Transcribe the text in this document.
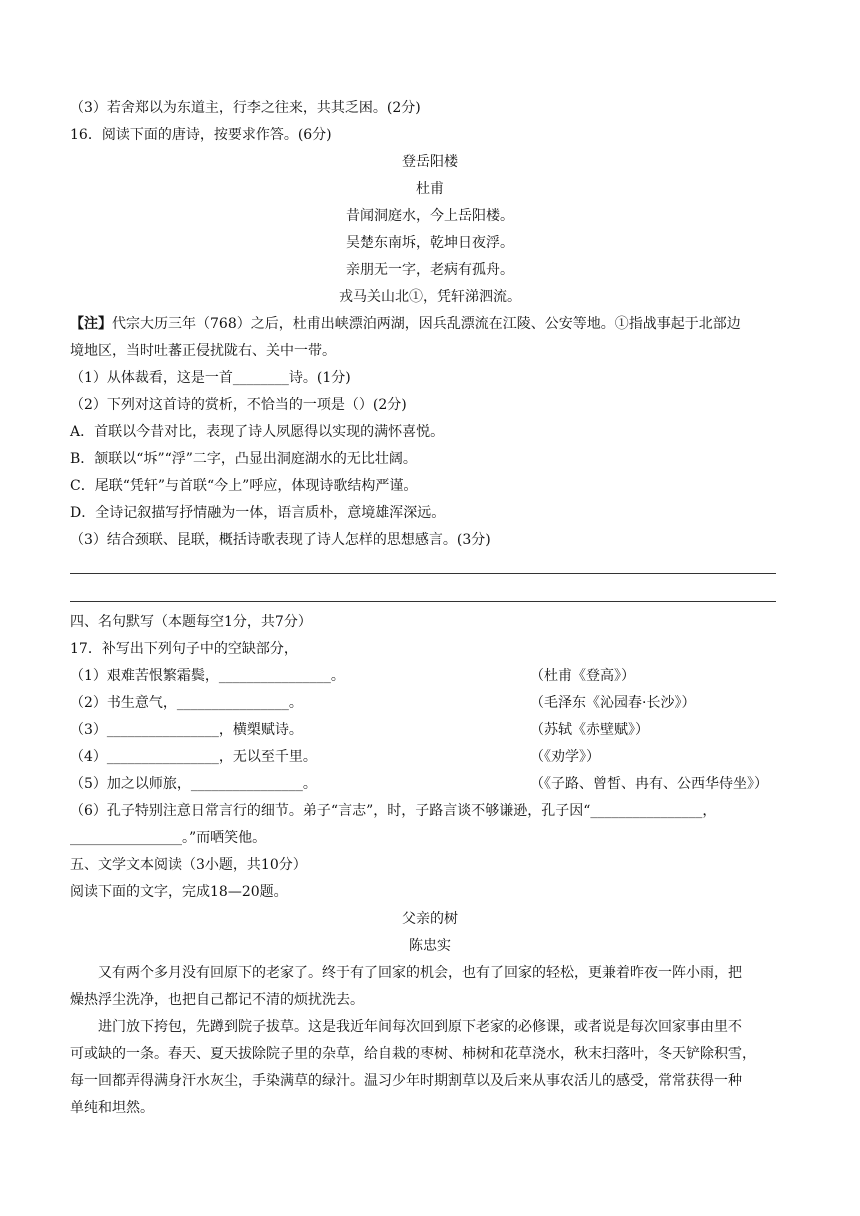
（3）若舍郑以为东道主，行李之往来，共其乏困。(2分)
16．阅读下面的唐诗，按要求作答。(6分)
登岳阳楼
杜甫
昔闻洞庭水，今上岳阳楼。
吴楚东南坼，乾坤日夜浮。
亲朋无一字，老病有孤舟。
戎马关山北①，凭轩涕泗流。
【注】代宗大历三年（768）之后，杜甫出峡漂泊两湖，因兵乱漂流在江陵、公安等地。①指战事起于北部边
境地区，当时吐蕃正侵扰陇右、关中一带。
（1）从体裁看，这是一首________诗。(1分)
（2）下列对这首诗的赏析，不恰当的一项是（）(2分)
A．首联以今昔对比，表现了诗人夙愿得以实现的满怀喜悦。
B．颔联以“坼”“浮”二字，凸显出洞庭湖水的无比壮阔。
C．尾联“凭轩”与首联“今上”呼应，体现诗歌结构严谨。
D．全诗记叙描写抒情融为一体，语言质朴，意境雄浑深远。
（3）结合颈联、昆联，概括诗歌表现了诗人怎样的思想感言。(3分)
四、名句默写（本题每空1分，共7分）
17．补写出下列句子中的空缺部分，
（1）艰难苦恨繁霜鬓，________________。	（杜甫《登高》）
（2）书生意气，________________。	（毛泽东《沁园春·长沙》）
（3）________________，横槊赋诗。	（苏轼《赤壁赋》）
（4）________________，无以至千里。	（《劝学》）
（5）加之以师旅，________________。	（《子路、曾皙、冉有、公西华侍坐》）
（6）孔子特别注意日常言行的细节。弟子“言志”，时，子路言谈不够谦逊，孔子因“________________，
________________。”而哂笑他。
五、文学文本阅读（3小题，共10分）
阅读下面的文字，完成18—20题。
父亲的树
陈忠实
又有两个多月没有回原下的老家了。终于有了回家的机会，也有了回家的轻松，更兼着昨夜一阵小雨，把
燥热浮尘洗净，也把自己都记不清的烦扰洗去。
进门放下挎包，先蹲到院子拔草。这是我近年间每次回到原下老家的必修课，或者说是每次回家事由里不
可或缺的一条。春天、夏天拔除院子里的杂草，给自栽的枣树、柿树和花草浇水，秋末扫落叶，冬天铲除积雪，
每一回都弄得满身汗水灰尘，手染满草的绿汁。温习少年时期割草以及后来从事农活儿的感受，常常获得一种
单纯和坦然。
